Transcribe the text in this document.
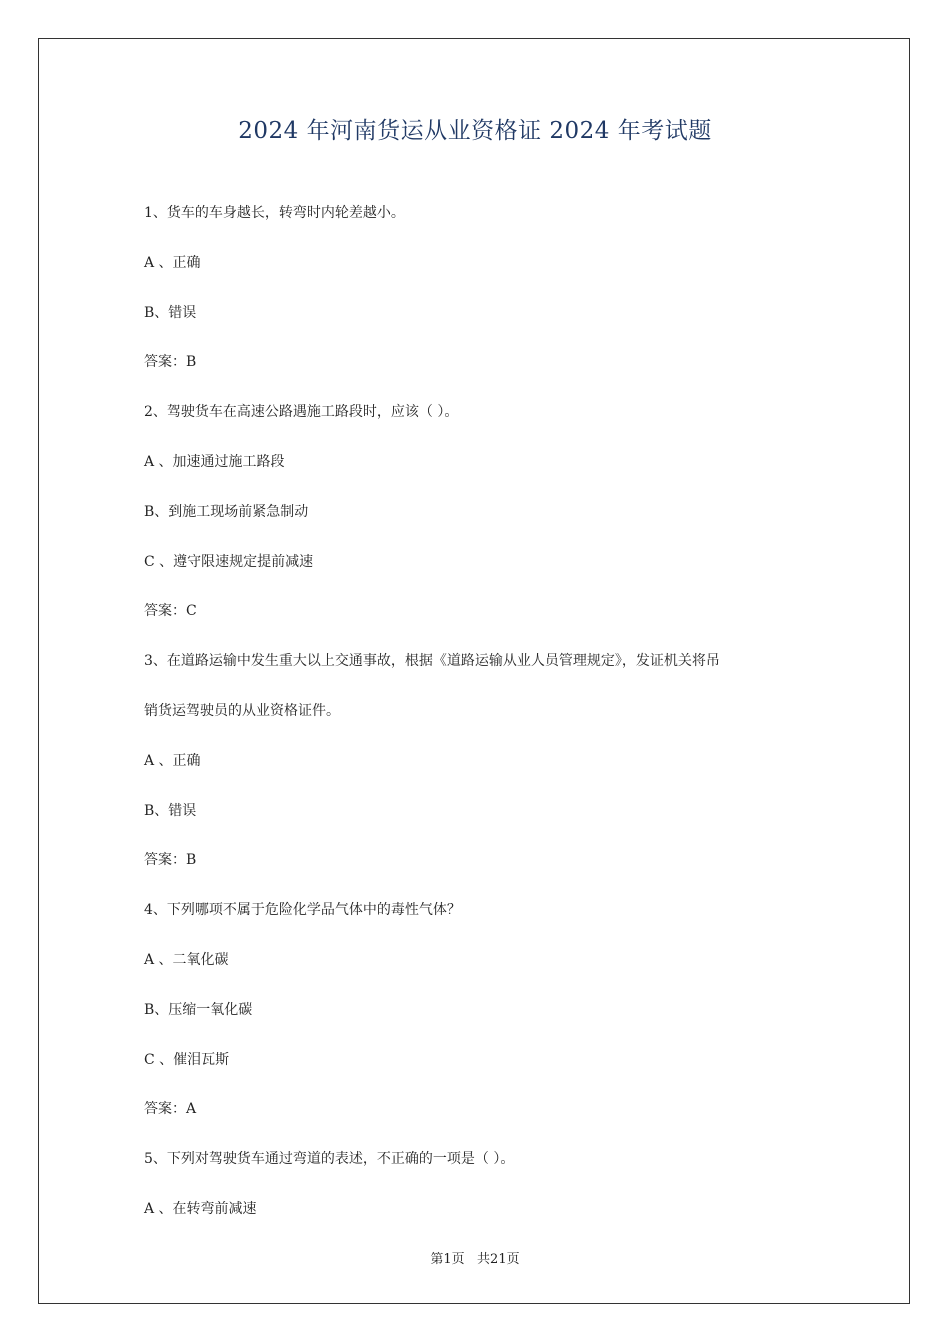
2024 年河南货运从业资格证 2024 年考试题
1、货车的车身越长，转弯时内轮差越小。
A 、正确
B、错误
答案：B
2、驾驶货车在高速公路遇施工路段时，应该（ ）。
A 、加速通过施工路段
B、到施工现场前紧急制动
C 、遵守限速规定提前减速
答案：C
3、在道路运输中发生重大以上交通事故，根据《道路运输从业人员管理规定》，发证机关将吊
销货运驾驶员的从业资格证件。
A 、正确
B、错误
答案：B
4、下列哪项不属于危险化学品气体中的毒性气体？
A 、二氧化碳
B、压缩一氧化碳
C 、催泪瓦斯
答案：A
5、下列对驾驶货车通过弯道的表述，不正确的一项是（ ）。
A 、在转弯前减速
第1页   共21页
